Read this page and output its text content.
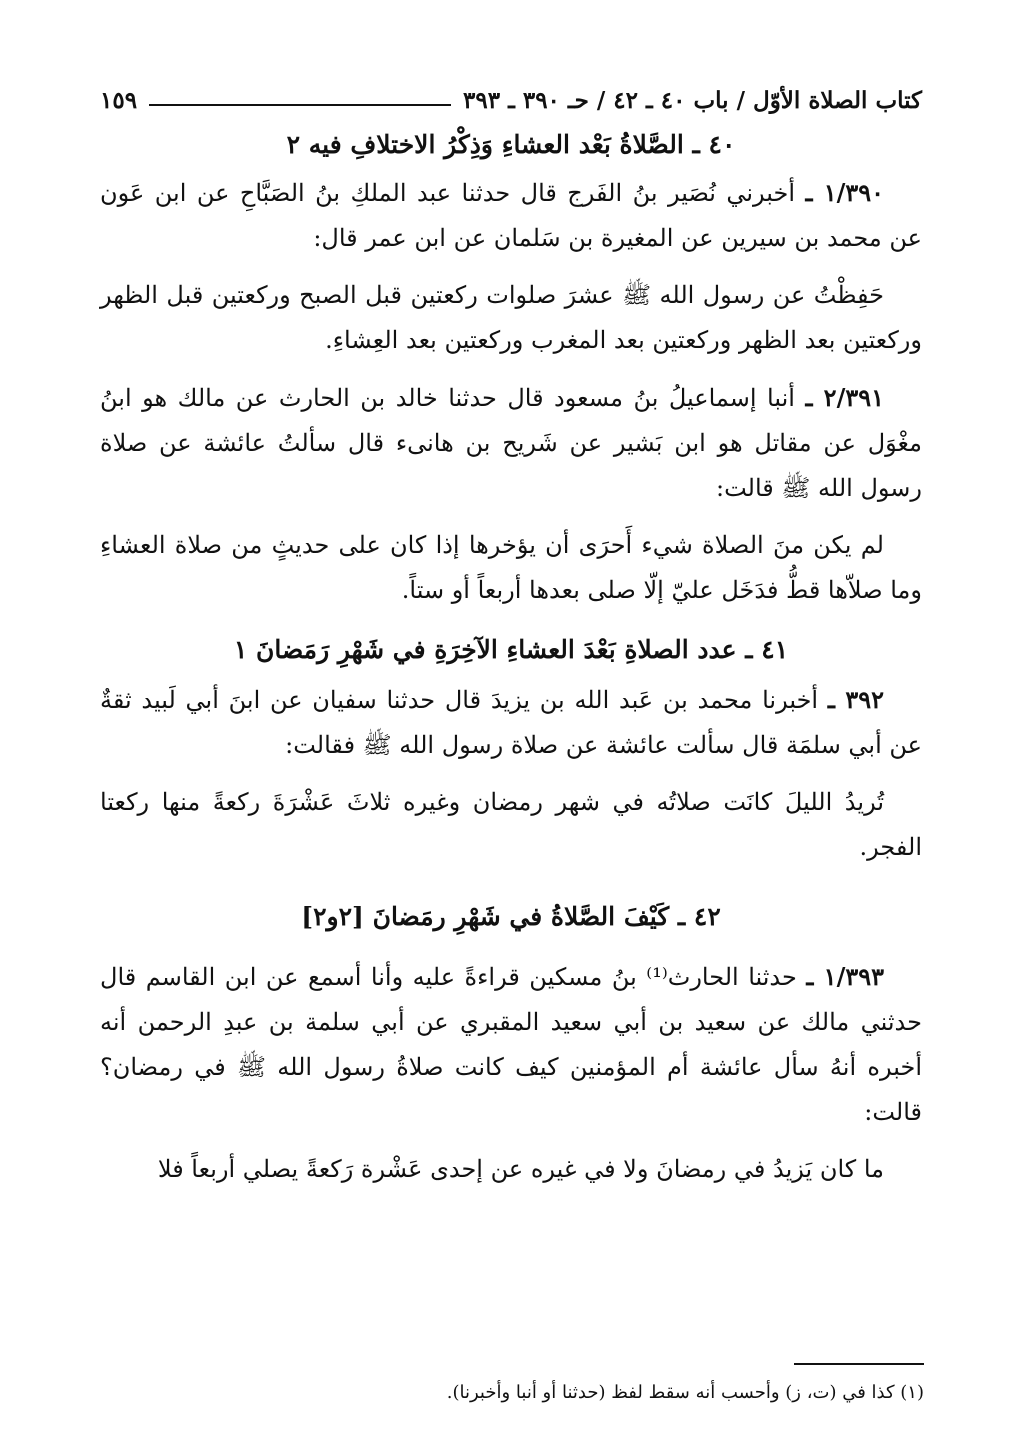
كتاب الصلاة الأوّل / باب ٤٠ ـ ٤٢ / حـ ٣٩٠ ـ ٣٩٣
١٥٩
٤٠ ـ الصَّلاةُ بَعْد العشاءِ وَذِكْرُ الاختلافِ فيه ٢

١/٣٩٠ ـ أخبرني نُصَير بنُ الفَرج قال حدثنا عبد الملكِ بنُ الصَبَّاحِ عن ابن عَون عن محمد بن سيرين عن المغيرة بن سَلمان عن ابن عمر قال:

حَفِظْتُ عن رسول الله ﷺ عشرَ صلوات ركعتين قبل الصبح وركعتين قبل الظهر وركعتين بعد الظهر وركعتين بعد المغرب وركعتين بعد العِشاءِ.

٢/٣٩١ ـ أنبا إسماعيلُ بنُ مسعود قال حدثنا خالد بن الحارث عن مالك هو ابنُ مغْوَل عن مقاتل هو ابن بَشير عن شَريح بن هانىء قال سألتُ عائشة عن صلاة رسول الله ﷺ قالت:

لم يكن منَ الصلاة شيء أَحرَى أن يؤخرها إذا كان على حديثٍ من صلاة العشاءِ وما صلاّها قطُّ فدَخَل عليّ إلّا صلى بعدها أربعاً أو ستاً.

٤١ ـ عدد الصلاةِ بَعْدَ العشاءِ الآخِرَةِ في شَهْرِ رَمَضانَ ١

٣٩٢ ـ أخبرنا محمد بن عَبد الله بن يزيدَ قال حدثنا سفيان عن ابنَ أبي لَبيد ثقةٌ عن أبي سلمَة قال سألت عائشة عن صلاة رسول الله ﷺ فقالت:

تُريدُ الليلَ كانَت صلاتُه في شهر رمضان وغيره ثلاثَ عَشْرَةَ ركعةً منها ركعتا الفجر.

٤٢ ـ كَيْفَ الصَّلاةُ في شَهْرِ رمَضانَ [٢و٢]

١/٣٩٣ ـ حدثنا الحارث⁽¹⁾ بنُ مسكين قراءةً عليه وأنا أسمع عن ابن القاسم قال حدثني مالك عن سعيد بن أبي سعيد المقبري عن أبي سلمة بن عبدِ الرحمن أنه أخبره أنهُ سأل عائشة أم المؤمنين كيف كانت صلاةُ رسول الله ﷺ في رمضان؟ قالت:

ما كان يَزيدُ في رمضانَ ولا في غيره عن إحدى عَشْرة رَكعةً يصلي أربعاً فلا

(١) كذا في (ت، ز) وأحسب أنه سقط لفظ (حدثنا أو أنبا وأخبرنا).
